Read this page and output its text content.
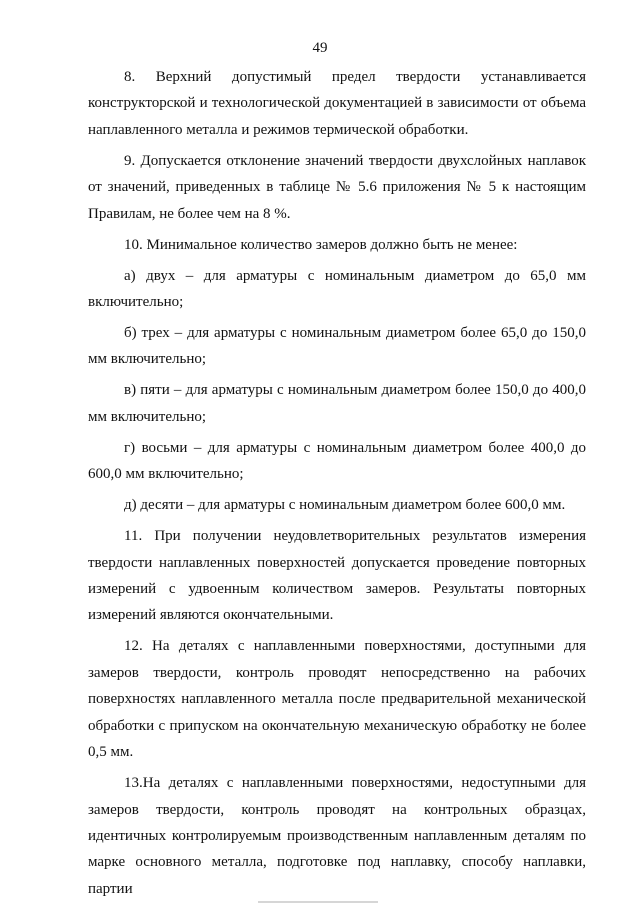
49

8. Верхний допустимый предел твердости устанавливается конструкторской и технологической документацией в зависимости от объема наплавленного металла и режимов термической обработки.

9. Допускается отклонение значений твердости двухслойных наплавок от значений, приведенных в таблице № 5.6 приложения № 5 к настоящим Правилам, не более чем на 8 %.

10. Минимальное количество замеров должно быть не менее:

а) двух – для арматуры с номинальным диаметром до 65,0 мм включительно;

б) трех – для арматуры с номинальным диаметром более 65,0 до 150,0 мм включительно;

в) пяти – для арматуры с номинальным диаметром более 150,0 до 400,0 мм включительно;

г) восьми – для арматуры с номинальным диаметром более 400,0 до 600,0 мм включительно;

д) десяти – для арматуры с номинальным диаметром более 600,0 мм.

11. При получении неудовлетворительных результатов измерения твердости наплавленных поверхностей допускается проведение повторных измерений с удвоенным количеством замеров. Результаты повторных измерений являются окончательными.

12. На деталях с наплавленными поверхностями, доступными для замеров твердости, контроль проводят непосредственно на рабочих поверхностях наплавленного металла после предварительной механической обработки с припуском на окончательную механическую обработку не более 0,5 мм.

13.На деталях с наплавленными поверхностями, недоступными для замеров твердости, контроль проводят на контрольных образцах, идентичных контролируемым производственным наплавленным деталям по марке основного металла, подготовке под наплавку, способу наплавки, партии
